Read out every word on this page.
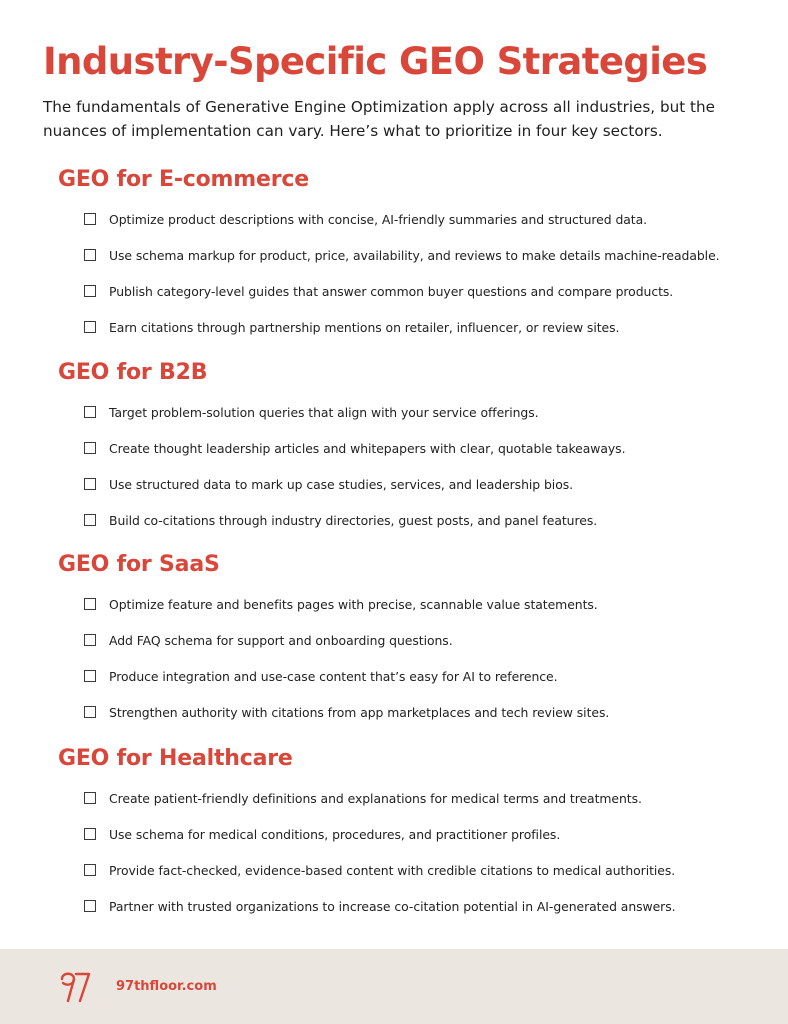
Industry-Specific GEO Strategies

The fundamentals of Generative Engine Optimization apply across all industries, but the nuances of implementation can vary. Here’s what to prioritize in four key sectors.

GEO for E-commerce
Optimize product descriptions with concise, AI-friendly summaries and structured data.
Use schema markup for product, price, availability, and reviews to make details machine-readable.
Publish category-level guides that answer common buyer questions and compare products.
Earn citations through partnership mentions on retailer, influencer, or review sites.
GEO for B2B
Target problem-solution queries that align with your service offerings.
Create thought leadership articles and whitepapers with clear, quotable takeaways.
Use structured data to mark up case studies, services, and leadership bios.
Build co-citations through industry directories, guest posts, and panel features.
GEO for SaaS
Optimize feature and benefits pages with precise, scannable value statements.
Add FAQ schema for support and onboarding questions.
Produce integration and use-case content that’s easy for AI to reference.
Strengthen authority with citations from app marketplaces and tech review sites.
GEO for Healthcare
Create patient-friendly definitions and explanations for medical terms and treatments.
Use schema for medical conditions, procedures, and practitioner profiles.
Provide fact-checked, evidence-based content with credible citations to medical authorities.
Partner with trusted organizations to increase co-citation potential in AI-generated answers.
97thfloor.com
